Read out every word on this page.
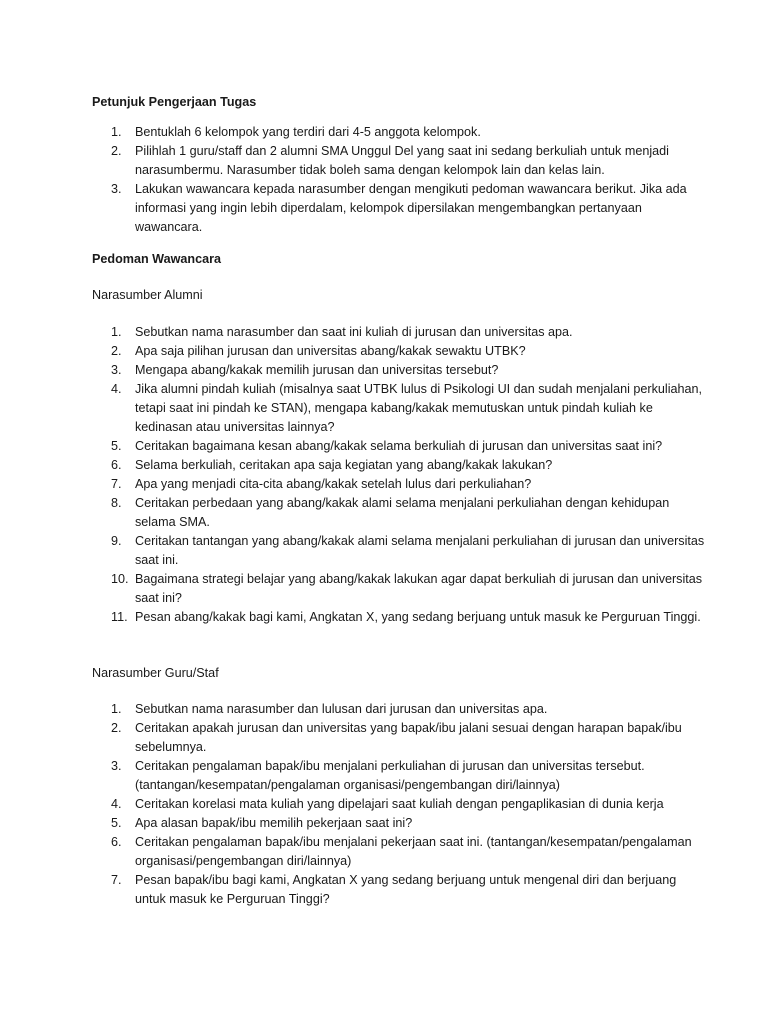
Petunjuk Pengerjaan Tugas

1. Bentuklah 6 kelompok yang terdiri dari 4-5 anggota kelompok.
2. Pilihlah 1 guru/staff dan 2 alumni SMA Unggul Del yang saat ini sedang berkuliah untuk menjadi narasumbermu. Narasumber tidak boleh sama dengan kelompok lain dan kelas lain.
3. Lakukan wawancara kepada narasumber dengan mengikuti pedoman wawancara berikut. Jika ada informasi yang ingin lebih diperdalam, kelompok dipersilakan mengembangkan pertanyaan wawancara.

Pedoman Wawancara

Narasumber Alumni

1. Sebutkan nama narasumber dan saat ini kuliah di jurusan dan universitas apa.
2. Apa saja pilihan jurusan dan universitas abang/kakak sewaktu UTBK?
3. Mengapa abang/kakak memilih jurusan dan universitas tersebut?
4. Jika alumni pindah kuliah (misalnya saat UTBK lulus di Psikologi UI dan sudah menjalani perkuliahan, tetapi saat ini pindah ke STAN), mengapa kabang/kakak memutuskan untuk pindah kuliah ke kedinasan atau universitas lainnya?
5. Ceritakan bagaimana kesan abang/kakak selama berkuliah di jurusan dan universitas saat ini?
6. Selama berkuliah, ceritakan apa saja kegiatan yang abang/kakak lakukan?
7. Apa yang menjadi cita-cita abang/kakak setelah lulus dari perkuliahan?
8. Ceritakan perbedaan yang abang/kakak alami selama menjalani perkuliahan dengan kehidupan selama SMA.
9. Ceritakan tantangan yang abang/kakak alami selama menjalani perkuliahan di jurusan dan universitas saat ini.
10. Bagaimana strategi belajar yang abang/kakak lakukan agar dapat berkuliah di jurusan dan universitas saat ini?
11. Pesan abang/kakak bagi kami, Angkatan X, yang sedang berjuang untuk masuk ke Perguruan Tinggi.

Narasumber Guru/Staf

1. Sebutkan nama narasumber dan lulusan dari jurusan dan universitas apa.
2. Ceritakan apakah jurusan dan universitas yang bapak/ibu jalani sesuai dengan harapan bapak/ibu sebelumnya.
3. Ceritakan pengalaman bapak/ibu menjalani perkuliahan di jurusan dan universitas tersebut.(tantangan/kesempatan/pengalaman organisasi/pengembangan diri/lainnya)
4. Ceritakan korelasi mata kuliah yang dipelajari saat kuliah dengan pengaplikasian di dunia kerja
5. Apa alasan bapak/ibu memilih pekerjaan saat ini?
6. Ceritakan pengalaman bapak/ibu menjalani pekerjaan saat ini. (tantangan/kesempatan/pengalaman organisasi/pengembangan diri/lainnya)
7. Pesan bapak/ibu bagi kami, Angkatan X yang sedang berjuang untuk mengenal diri dan berjuang untuk masuk ke Perguruan Tinggi?
